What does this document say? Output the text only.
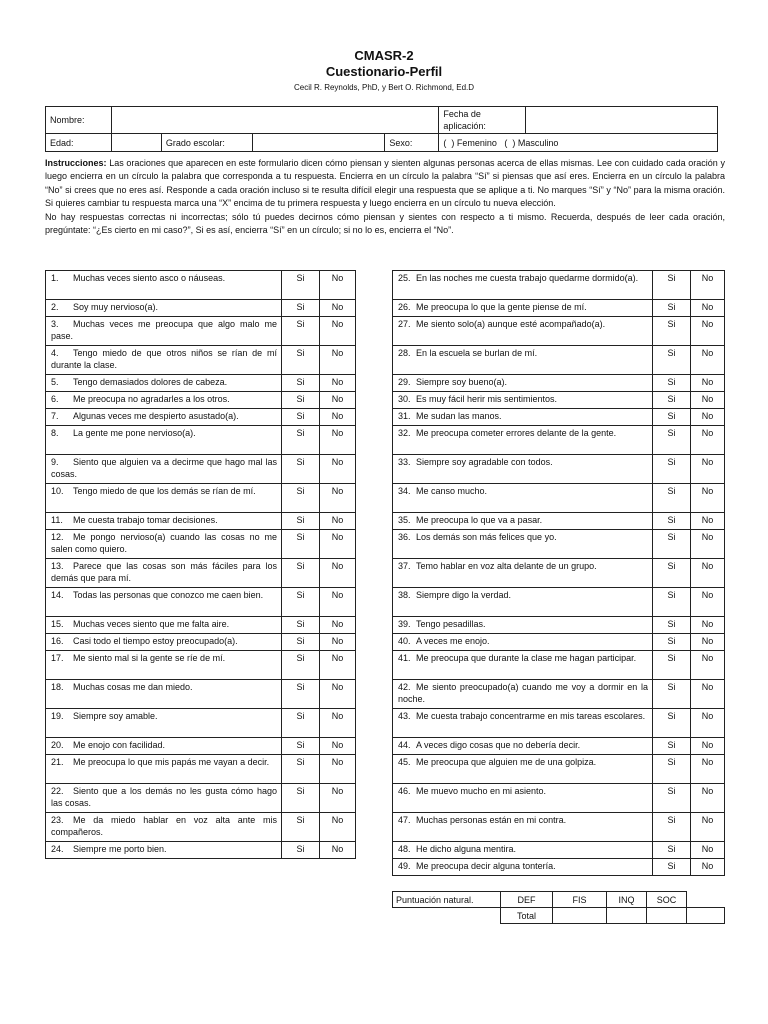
CMASR-2
Cuestionario-Perfil
Cecil R. Reynolds, PhD, y Bert O. Richmond, Ed.D
Nombre:					Fecha de aplicación:	
Edad:		Grado escolar:		Sexo:	(  ) Femenino   (  ) Masculino	
Instrucciones: Las oraciones que aparecen en este formulario dicen cómo piensan y sienten algunas personas acerca de ellas mismas. Lee con cuidado cada oración y luego encierra en un círculo la palabra que corresponda a tu respuesta. Encierra en un círculo la palabra “Sí” si piensas que así eres. Encierra en un círculo la palabra “No” si crees que no eres así. Responde a cada oración incluso si te resulta difícil elegir una respuesta que se aplique a ti. No marques “Sí” y “No” para la misma oración. Si quieres cambiar tu respuesta marca una “X” encima de tu primera respuesta y luego encierra en un círculo tu nueva elección.
No hay respuestas correctas ni incorrectas; sólo tú puedes decirnos cómo piensan y sientes con respecto a ti mismo. Recuerda, después de leer cada oración, pregúntate: “¿Es cierto en mi caso?”, Si es así, encierra “Sí” en un círculo; si no lo es, encierra el “No”.
1. Muchas veces siento asco o náuseas.	Si	No
2. Soy muy nervioso(a).	Si	No
3. Muchas veces me preocupa que algo malo me pase.	Si	No
4. Tengo miedo de que otros niños se rían de mí durante la clase.	Si	No
5. Tengo demasiados dolores de cabeza.	Si	No
6. Me preocupa no agradarles a los otros.	Si	No
7. Algunas veces me despierto asustado(a).	Si	No
8. La gente me pone nervioso(a).	Si	No
9. Siento que alguien va a decirme que hago mal las cosas.	Si	No
10. Tengo miedo de que los demás se rían de mí.	Si	No
11. Me cuesta trabajo tomar decisiones.	Si	No
12. Me pongo nervioso(a) cuando las cosas no me salen como quiero.	Si	No
13. Parece que las cosas son más fáciles para los demás que para mí.	Si	No
14. Todas las personas que conozco me caen bien.	Si	No
15. Muchas veces siento que me falta aire.	Si	No
16. Casi todo el tiempo estoy preocupado(a).	Si	No
17. Me siento mal si la gente se ríe de mí.	Si	No
18. Muchas cosas me dan miedo.	Si	No
19. Siempre soy amable.	Si	No
20. Me enojo con facilidad.	Si	No
21. Me preocupa lo que mis papás me vayan a decir.	Si	No
22. Siento que a los demás no les gusta cómo hago las cosas.	Si	No
23. Me da miedo hablar en voz alta ante mis compañeros.	Si	No
24. Siempre me porto bien.	Si	No
25. En las noches me cuesta trabajo quedarme dormido(a).	Si	No
26. Me preocupa lo que la gente piense de mí.	Si	No
27. Me siento solo(a) aunque esté acompañado(a).	Si	No
28. En la escuela se burlan de mí.	Si	No
29. Siempre soy bueno(a).	Si	No
30. Es muy fácil herir mis sentimientos.	Si	No
31. Me sudan las manos.	Si	No
32. Me preocupa cometer errores delante de la gente.	Si	No
33. Siempre soy agradable con todos.	Si	No
34. Me canso mucho.	Si	No
35. Me preocupa lo que va a pasar.	Si	No
36. Los demás son más felices que yo.	Si	No
37. Temo hablar en voz alta delante de un grupo.	Si	No
38. Siempre digo la verdad.	Si	No
39. Tengo pesadillas.	Si	No
40. A veces me enojo.	Si	No
41. Me preocupa que durante la clase me hagan participar.	Si	No
42. Me siento preocupado(a) cuando me voy a dormir en la noche.	Si	No
43. Me cuesta trabajo concentrarme en mis tareas escolares.	Si	No
44. A veces digo cosas que no debería decir.	Si	No
45. Me preocupa que alguien me de una golpiza.	Si	No
46. Me muevo mucho en mi asiento.	Si	No
47. Muchas personas están en mi contra.	Si	No
48. He dicho alguna mentira.	Si	No
49. Me preocupa decir alguna tontería.	Si	No
Puntuación natural.	DEF	FIS	INQ	SOC	
	Total				
